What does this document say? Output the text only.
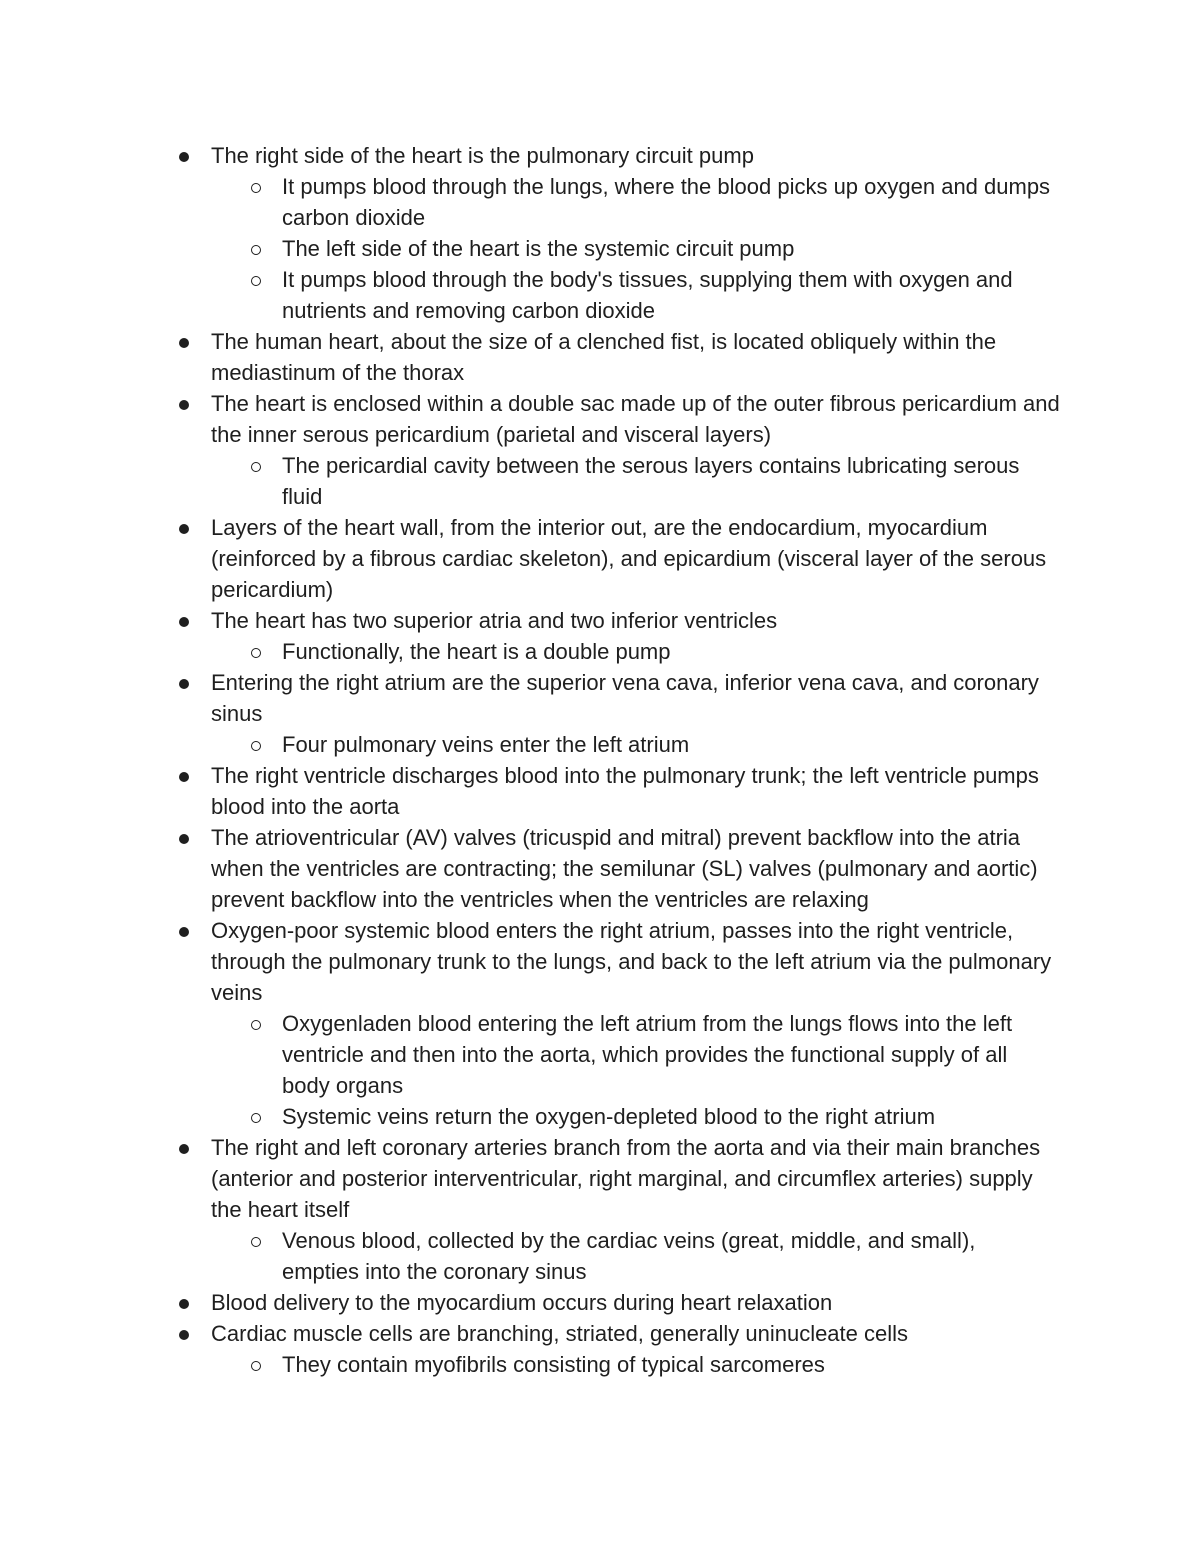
The right side of the heart is the pulmonary circuit pump
It pumps blood through the lungs, where the blood picks up oxygen and dumps carbon dioxide
The left side of the heart is the systemic circuit pump
It pumps blood through the body's tissues, supplying them with oxygen and nutrients and removing carbon dioxide
The human heart, about the size of a clenched fist, is located obliquely within the mediastinum of the thorax
The heart is enclosed within a double sac made up of the outer fibrous pericardium and the inner serous pericardium (parietal and visceral layers)
The pericardial cavity between the serous layers contains lubricating serous fluid
Layers of the heart wall, from the interior out, are the endocardium, myocardium (reinforced by a fibrous cardiac skeleton), and epicardium (visceral layer of the serous pericardium)
The heart has two superior atria and two inferior ventricles
Functionally, the heart is a double pump
Entering the right atrium are the superior vena cava, inferior vena cava, and coronary sinus
Four pulmonary veins enter the left atrium
The right ventricle discharges blood into the pulmonary trunk; the left ventricle pumps blood into the aorta
The atrioventricular (AV) valves (tricuspid and mitral) prevent backflow into the atria when the ventricles are contracting; the semilunar (SL) valves (pulmonary and aortic) prevent backflow into the ventricles when the ventricles are relaxing
Oxygen-poor systemic blood enters the right atrium, passes into the right ventricle, through the pulmonary trunk to the lungs, and back to the left atrium via the pulmonary veins
Oxygenladen blood entering the left atrium from the lungs flows into the left ventricle and then into the aorta, which provides the functional supply of all body organs
Systemic veins return the oxygen-depleted blood to the right atrium
The right and left coronary arteries branch from the aorta and via their main branches (anterior and posterior interventricular, right marginal, and circumflex arteries) supply the heart itself
Venous blood, collected by the cardiac veins (great, middle, and small), empties into the coronary sinus
Blood delivery to the myocardium occurs during heart relaxation
Cardiac muscle cells are branching, striated, generally uninucleate cells
They contain myofibrils consisting of typical sarcomeres
